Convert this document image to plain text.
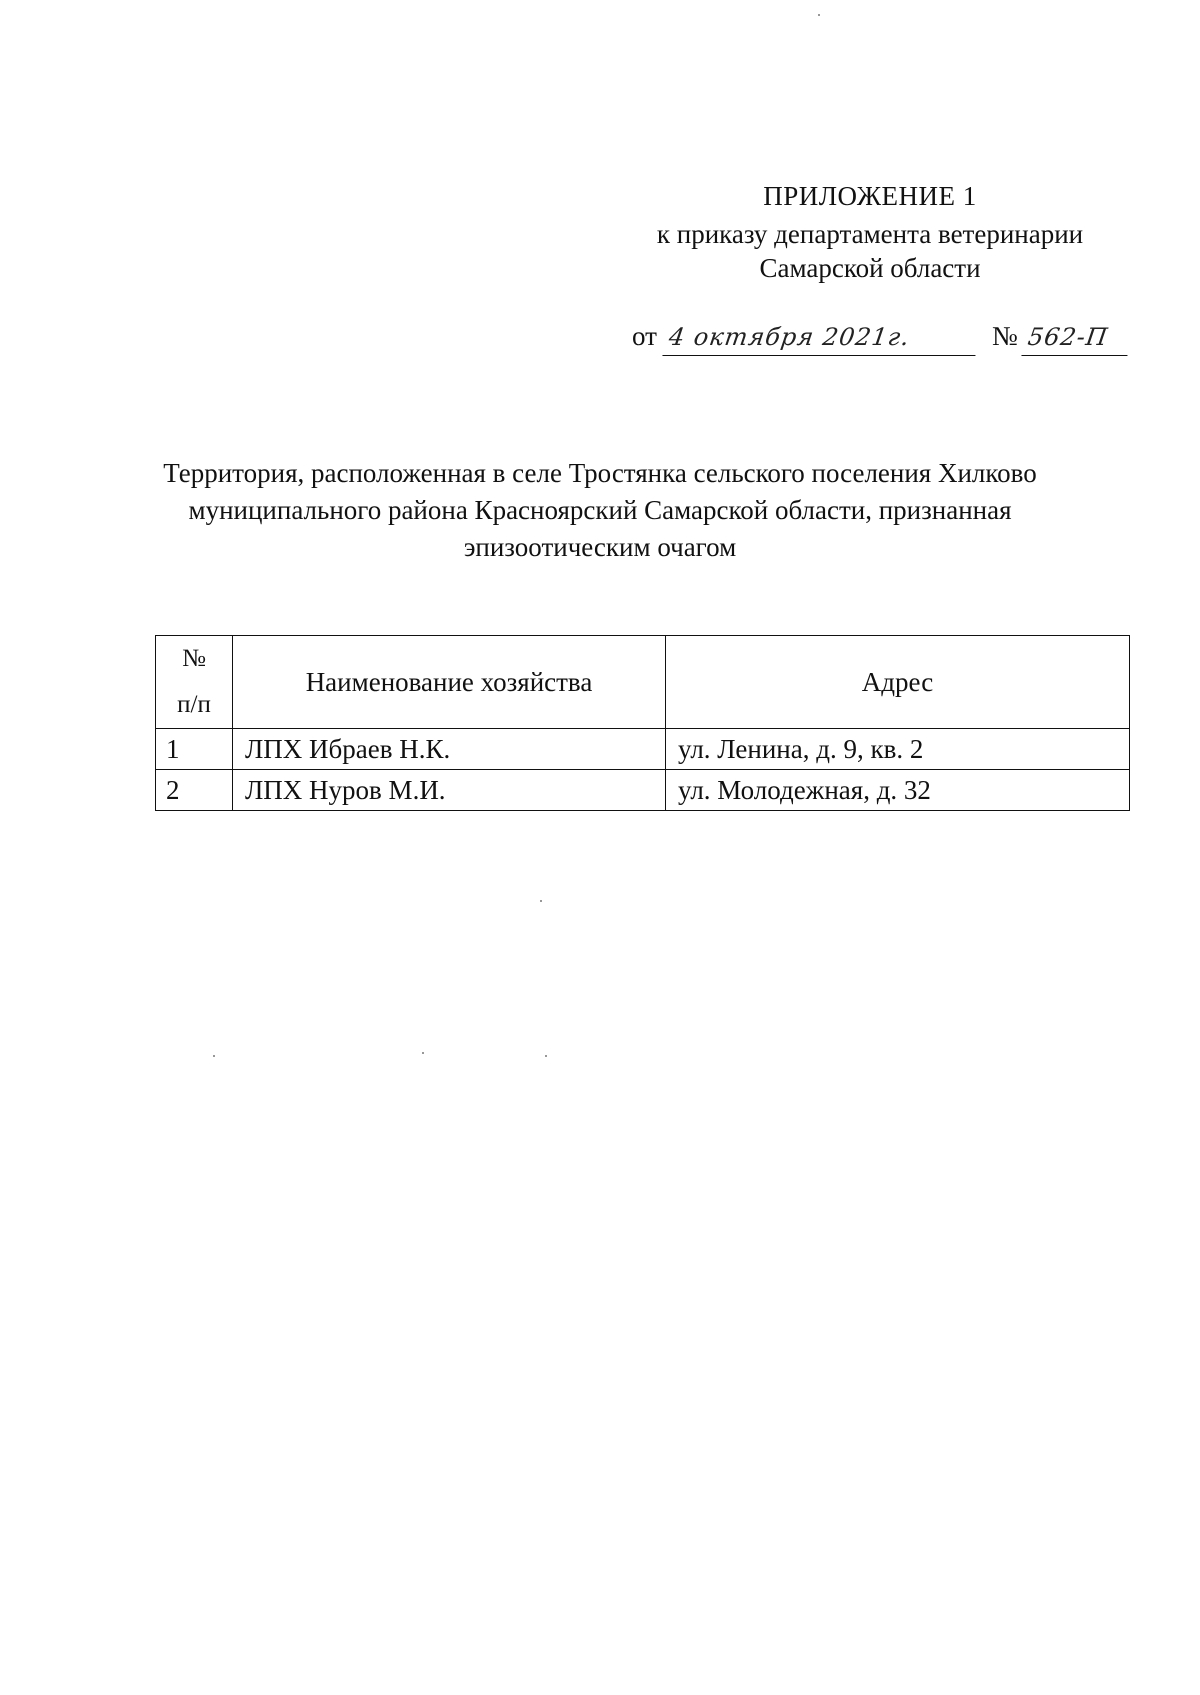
ПРИЛОЖЕНИЕ 1
к приказу департамента ветеринарии
Самарской области
от 4 октября 2021г.	№ 562-П
Территория, расположенная в селе Тростянка сельского поселения Хилково
муниципального района Красноярский Самарской области, признанная
эпизоотическим очагом
№
п/п	Наименование хозяйства	Адрес
1	ЛПХ Ибраев Н.К.	ул. Ленина, д. 9, кв. 2
2	ЛПХ Нуров М.И.	ул. Молодежная, д. 32
